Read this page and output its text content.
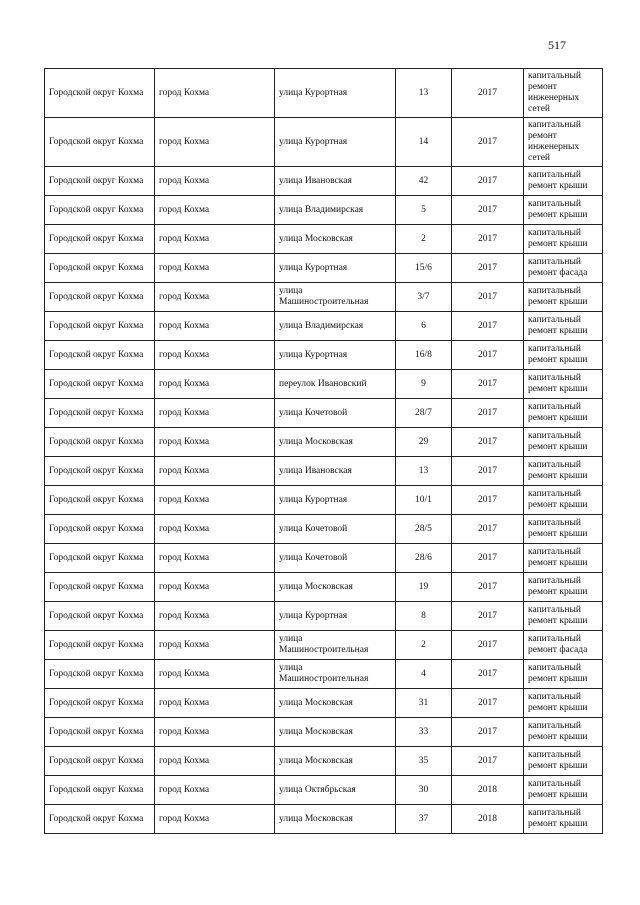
517
Городской округ Кохма	город Кохма	улица Курортная	13	2017	капитальный ремонт инженерных сетей
Городской округ Кохма	город Кохма	улица Курортная	14	2017	капитальный ремонт инженерных сетей
Городской округ Кохма	город Кохма	улица Ивановская	42	2017	капитальный ремонт крыши
Городской округ Кохма	город Кохма	улица Владимирская	5	2017	капитальный ремонт крыши
Городской округ Кохма	город Кохма	улица Московская	2	2017	капитальный ремонт крыши
Городской округ Кохма	город Кохма	улица Курортная	15/6	2017	капитальный ремонт фасада
Городской округ Кохма	город Кохма	улица Машиностроительная	3/7	2017	капитальный ремонт крыши
Городской округ Кохма	город Кохма	улица Владимирская	6	2017	капитальный ремонт крыши
Городской округ Кохма	город Кохма	улица Курортная	16/8	2017	капитальный ремонт крыши
Городской округ Кохма	город Кохма	переулок Ивановский	9	2017	капитальный ремонт крыши
Городской округ Кохма	город Кохма	улица Кочетовой	28/7	2017	капитальный ремонт крыши
Городской округ Кохма	город Кохма	улица Московская	29	2017	капитальный ремонт крыши
Городской округ Кохма	город Кохма	улица Ивановская	13	2017	капитальный ремонт крыши
Городской округ Кохма	город Кохма	улица Курортная	10/1	2017	капитальный ремонт крыши
Городской округ Кохма	город Кохма	улица Кочетовой	28/5	2017	капитальный ремонт крыши
Городской округ Кохма	город Кохма	улица Кочетовой	28/6	2017	капитальный ремонт крыши
Городской округ Кохма	город Кохма	улица Московская	19	2017	капитальный ремонт крыши
Городской округ Кохма	город Кохма	улица Курортная	8	2017	капитальный ремонт крыши
Городской округ Кохма	город Кохма	улица Машиностроительная	2	2017	капитальный ремонт фасада
Городской округ Кохма	город Кохма	улица Машиностроительная	4	2017	капитальный ремонт крыши
Городской округ Кохма	город Кохма	улица Московская	31	2017	капитальный ремонт крыши
Городской округ Кохма	город Кохма	улица Московская	33	2017	капитальный ремонт крыши
Городской округ Кохма	город Кохма	улица Московская	35	2017	капитальный ремонт крыши
Городской округ Кохма	город Кохма	улица Октябрьская	30	2018	капитальный ремонт крыши
Городской округ Кохма	город Кохма	улица Московская	37	2018	капитальный ремонт крыши
